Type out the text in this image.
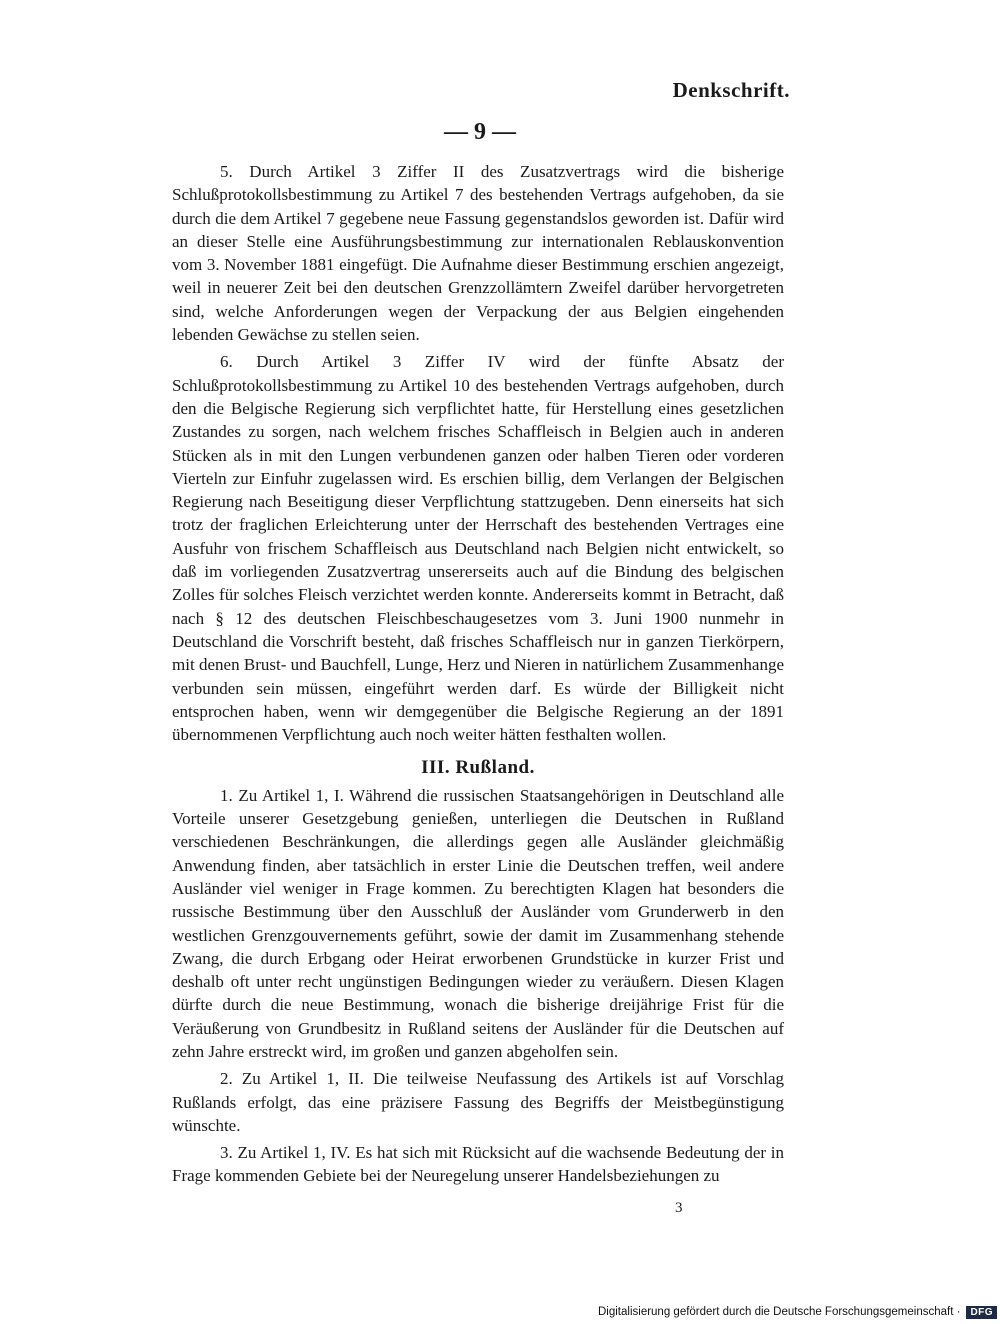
Denkschrift.
— 9 —

5. Durch Artikel 3 Ziffer II des Zusatzvertrags wird die bisherige Schlußprotokollsbestimmung zu Artikel 7 des bestehenden Vertrags aufgehoben, da sie durch die dem Artikel 7 gegebene neue Fassung gegenstandslos geworden ist. Dafür wird an dieser Stelle eine Ausführungsbestimmung zur internationalen Reblauskonvention vom 3. November 1881 eingefügt. Die Aufnahme dieser Bestimmung erschien angezeigt, weil in neuerer Zeit bei den deutschen Grenzzollämtern Zweifel darüber hervorgetreten sind, welche Anforderungen wegen der Verpackung der aus Belgien eingehenden lebenden Gewächse zu stellen seien.

6. Durch Artikel 3 Ziffer IV wird der fünfte Absatz der Schlußprotokollsbestimmung zu Artikel 10 des bestehenden Vertrags aufgehoben, durch den die Belgische Regierung sich verpflichtet hatte, für Herstellung eines gesetzlichen Zustandes zu sorgen, nach welchem frisches Schaffleisch in Belgien auch in anderen Stücken als in mit den Lungen verbundenen ganzen oder halben Tieren oder vorderen Vierteln zur Einfuhr zugelassen wird. Es erschien billig, dem Verlangen der Belgischen Regierung nach Beseitigung dieser Verpflichtung stattzugeben. Denn einerseits hat sich trotz der fraglichen Erleichterung unter der Herrschaft des bestehenden Vertrages eine Ausfuhr von frischem Schaffleisch aus Deutschland nach Belgien nicht entwickelt, so daß im vorliegenden Zusatzvertrag unsererseits auch auf die Bindung des belgischen Zolles für solches Fleisch verzichtet werden konnte. Andererseits kommt in Betracht, daß nach § 12 des deutschen Fleischbeschaugesetzes vom 3. Juni 1900 nunmehr in Deutschland die Vorschrift besteht, daß frisches Schaffleisch nur in ganzen Tierkörpern, mit denen Brust- und Bauchfell, Lunge, Herz und Nieren in natürlichem Zusammenhange verbunden sein müssen, eingeführt werden darf. Es würde der Billigkeit nicht entsprochen haben, wenn wir demgegenüber die Belgische Regierung an der 1891 übernommenen Verpflichtung auch noch weiter hätten festhalten wollen.

III. Rußland.

1. Zu Artikel 1, I. Während die russischen Staatsangehörigen in Deutschland alle Vorteile unserer Gesetzgebung genießen, unterliegen die Deutschen in Rußland verschiedenen Beschränkungen, die allerdings gegen alle Ausländer gleichmäßig Anwendung finden, aber tatsächlich in erster Linie die Deutschen treffen, weil andere Ausländer viel weniger in Frage kommen. Zu berechtigten Klagen hat besonders die russische Bestimmung über den Ausschluß der Ausländer vom Grunderwerb in den westlichen Grenzgouvernements geführt, sowie der damit im Zusammenhang stehende Zwang, die durch Erbgang oder Heirat erworbenen Grundstücke in kurzer Frist und deshalb oft unter recht ungünstigen Bedingungen wieder zu veräußern. Diesen Klagen dürfte durch die neue Bestimmung, wonach die bisherige dreijährige Frist für die Veräußerung von Grundbesitz in Rußland seitens der Ausländer für die Deutschen auf zehn Jahre erstreckt wird, im großen und ganzen abgeholfen sein.

2. Zu Artikel 1, II. Die teilweise Neufassung des Artikels ist auf Vorschlag Rußlands erfolgt, das eine präzisere Fassung des Begriffs der Meistbegünstigung wünschte.

3. Zu Artikel 1, IV. Es hat sich mit Rücksicht auf die wachsende Bedeutung der in Frage kommenden Gebiete bei der Neuregelung unserer Handelsbeziehungen zu

3
Digitalisierung gefördert durch die Deutsche Forschungsgemeinschaft ·	DFG
